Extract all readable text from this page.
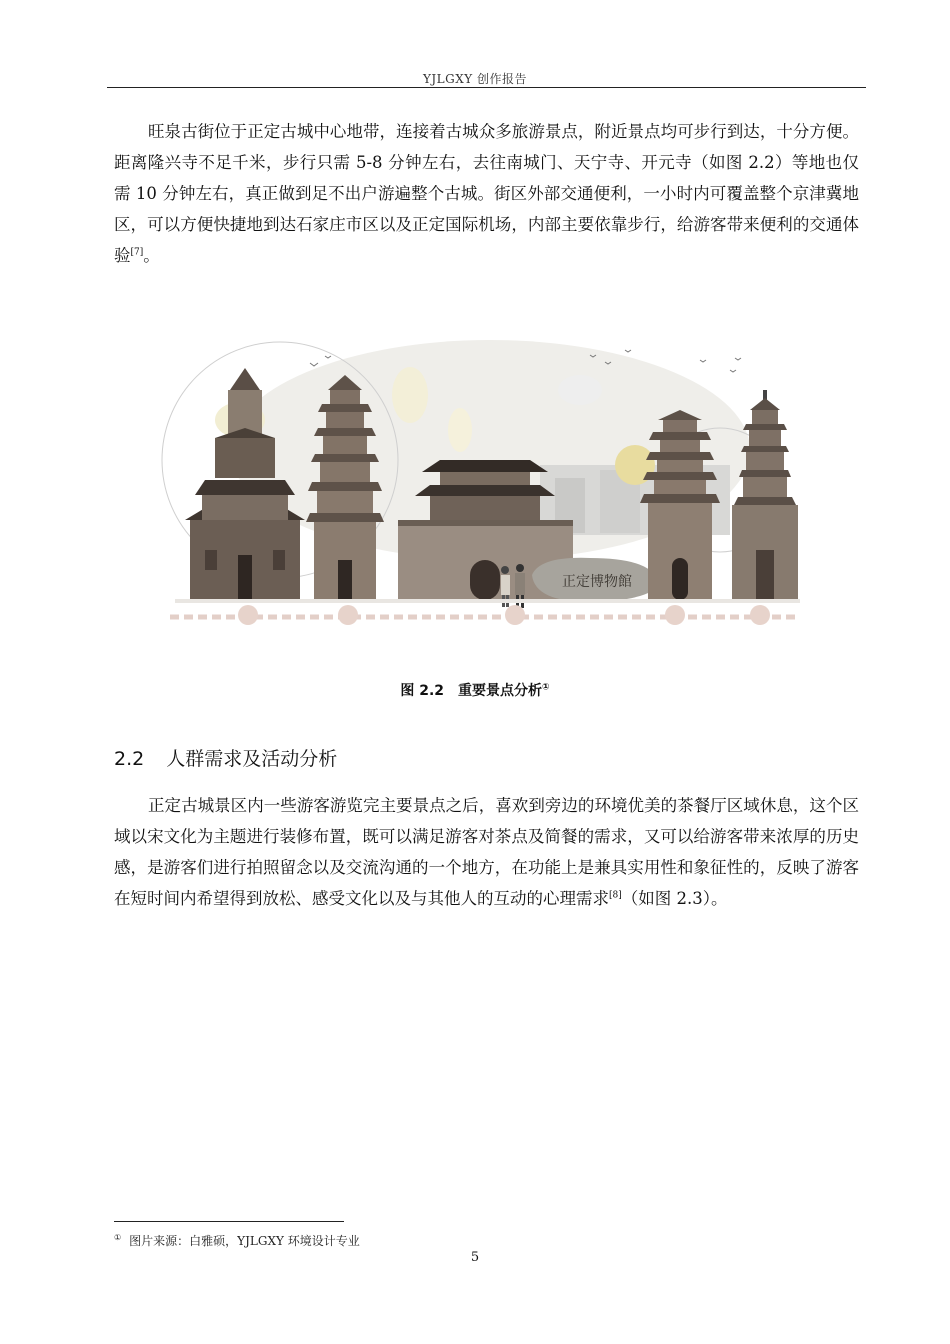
YJLGXY 创作报告

旺泉古街位于正定古城中心地带，连接着古城众多旅游景点，附近景点均可步行到达，十分方便。距离隆兴寺不足千米，步行只需 5-8 分钟左右，去往南城门、天宁寺、开元寺（如图 2.2）等地也仅需 10 分钟左右，真正做到足不出户游遍整个古城。街区外部交通便利，一小时内可覆盖整个京津冀地区，可以方便快捷地到达石家庄市区以及正定国际机场，内部主要依靠步行，给游客带来便利的交通体验[7]。

正定博物館
图 2.2 重要景点分析①
2.2 人群需求及活动分析

正定古城景区内一些游客游览完主要景点之后，喜欢到旁边的环境优美的茶餐厅区域休息，这个区域以宋文化为主题进行装修布置，既可以满足游客对茶点及简餐的需求，又可以给游客带来浓厚的历史感，是游客们进行拍照留念以及交流沟通的一个地方，在功能上是兼具实用性和象征性的，反映了游客在短时间内希望得到放松、感受文化以及与其他人的互动的心理需求[8]（如图 2.3）。

① 图片来源：白雅硕，YJLGXY 环境设计专业
5
